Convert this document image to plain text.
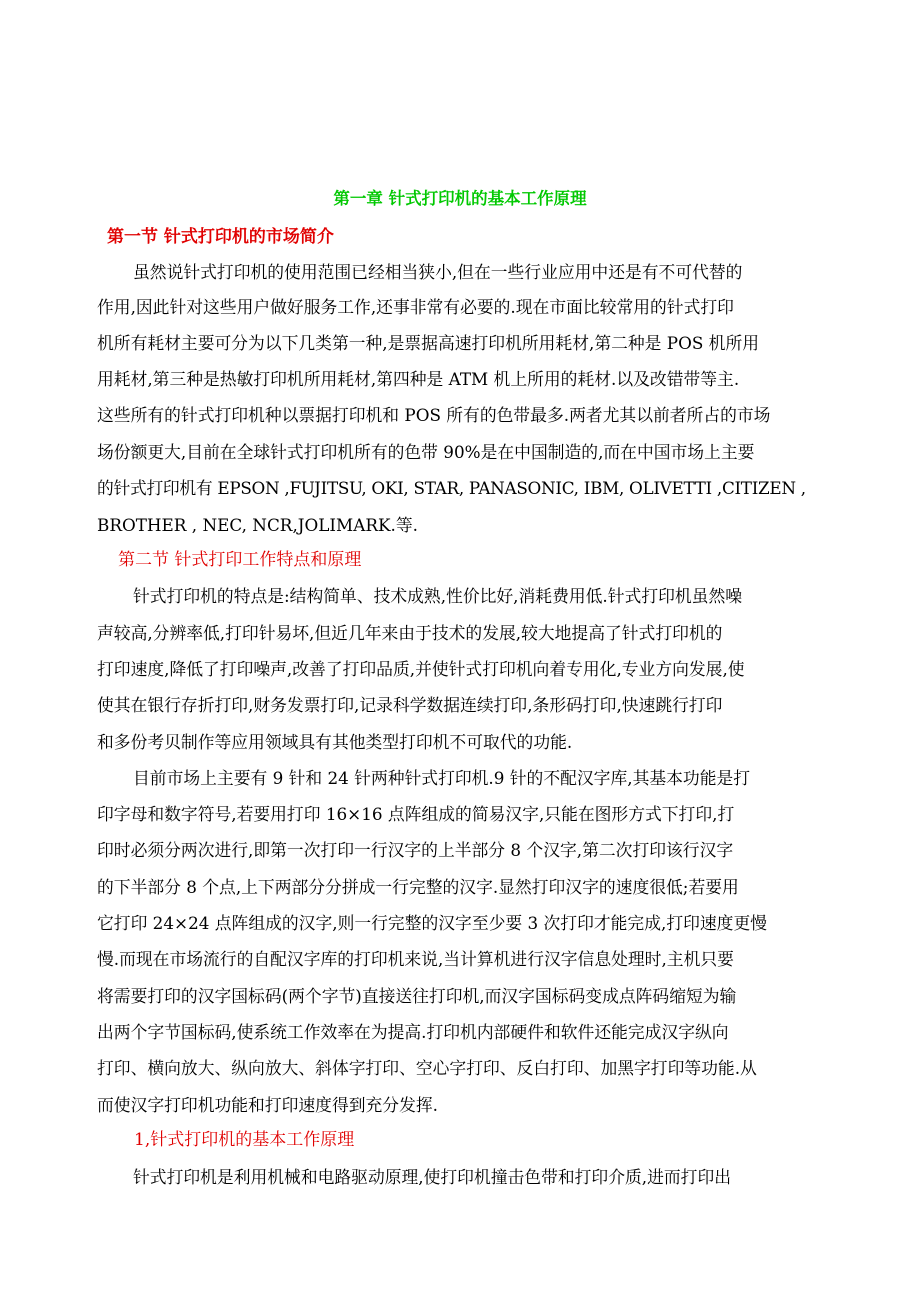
第一章 针式打印机的基本工作原理
第一节 针式打印机的市场简介
虽然说针式打印机的使用范围已经相当狭小,但在一些行业应用中还是有不可代替的
作用,因此针对这些用户做好服务工作,还事非常有必要的.现在市面比较常用的针式打印
机所有耗材主要可分为以下几类第一种,是票据高速打印机所用耗材,第二种是 POS 机所用
用耗材,第三种是热敏打印机所用耗材,第四种是 ATM 机上所用的耗材.以及改错带等主.
这些所有的针式打印机种以票据打印机和 POS 所有的色带最多.两者尤其以前者所占的市场
场份额更大,目前在全球针式打印机所有的色带 90%是在中国制造的,而在中国市场上主要
的针式打印机有 EPSON ,FUJITSU, OKI, STAR, PANASONIC, IBM, OLIVETTI ,CITIZEN ,
BROTHER , NEC, NCR,JOLIMARK.等.
第二节 针式打印工作特点和原理
针式打印机的特点是:结构简单、技术成熟,性价比好,消耗费用低.针式打印机虽然噪
声较高,分辨率低,打印针易坏,但近几年来由于技术的发展,较大地提高了针式打印机的
打印速度,降低了打印噪声,改善了打印品质,并使针式打印机向着专用化,专业方向发展,使
使其在银行存折打印,财务发票打印,记录科学数据连续打印,条形码打印,快速跳行打印
和多份考贝制作等应用领域具有其他类型打印机不可取代的功能.
目前市场上主要有 9 针和 24 针两种针式打印机.9 针的不配汉字库,其基本功能是打
印字母和数字符号,若要用打印 16×16 点阵组成的简易汉字,只能在图形方式下打印,打
印时必须分两次进行,即第一次打印一行汉字的上半部分 8 个汉字,第二次打印该行汉字
的下半部分 8 个点,上下两部分分拼成一行完整的汉字.显然打印汉字的速度很低;若要用
它打印 24×24 点阵组成的汉字,则一行完整的汉字至少要 3 次打印才能完成,打印速度更慢
慢.而现在市场流行的自配汉字库的打印机来说,当计算机进行汉字信息处理时,主机只要
将需要打印的汉字国标码(两个字节)直接送往打印机,而汉字国标码变成点阵码缩短为输
出两个字节国标码,使系统工作效率在为提高.打印机内部硬件和软件还能完成汉字纵向
打印、横向放大、纵向放大、斜体字打印、空心字打印、反白打印、加黑字打印等功能.从
而使汉字打印机功能和打印速度得到充分发挥.
1,针式打印机的基本工作原理
针式打印机是利用机械和电路驱动原理,使打印机撞击色带和打印介质,进而打印出
